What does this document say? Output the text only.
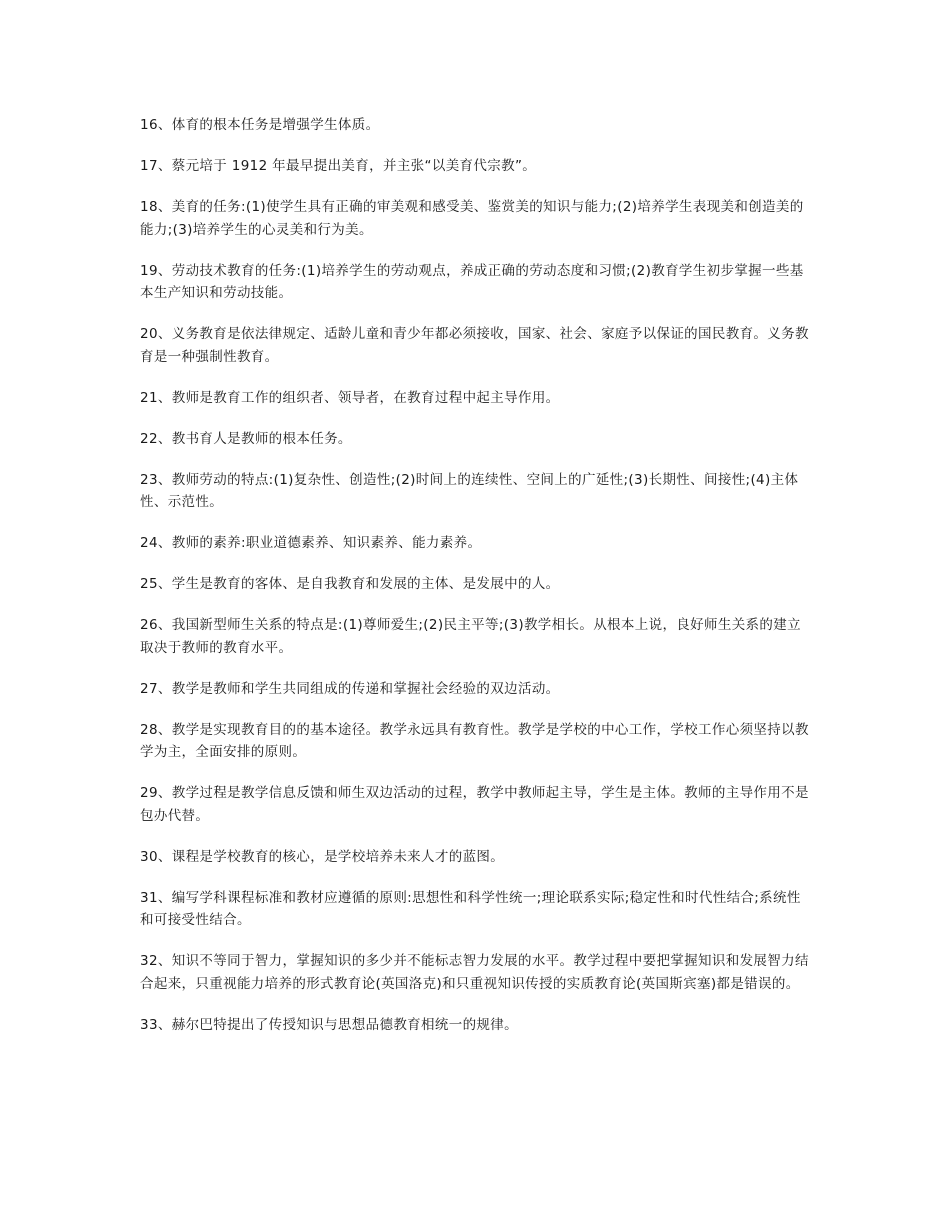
16、体育的根本任务是增强学生体质。

17、蔡元培于 1912 年最早提出美育，并主张“以美育代宗教”。

18、美育的任务:(1)使学生具有正确的审美观和感受美、鉴赏美的知识与能力;(2)培养学生表现美和创造美的能力;(3)培养学生的心灵美和行为美。

19、劳动技术教育的任务:(1)培养学生的劳动观点，养成正确的劳动态度和习惯;(2)教育学生初步掌握一些基本生产知识和劳动技能。

20、义务教育是依法律规定、适龄儿童和青少年都必须接收，国家、社会、家庭予以保证的国民教育。义务教育是一种强制性教育。

21、教师是教育工作的组织者、领导者，在教育过程中起主导作用。

22、教书育人是教师的根本任务。

23、教师劳动的特点:(1)复杂性、创造性;(2)时间上的连续性、空间上的广延性;(3)长期性、间接性;(4)主体性、示范性。

24、教师的素养:职业道德素养、知识素养、能力素养。

25、学生是教育的客体、是自我教育和发展的主体、是发展中的人。

26、我国新型师生关系的特点是:(1)尊师爱生;(2)民主平等;(3)教学相长。从根本上说，良好师生关系的建立取决于教师的教育水平。

27、教学是教师和学生共同组成的传递和掌握社会经验的双边活动。

28、教学是实现教育目的的基本途径。教学永远具有教育性。教学是学校的中心工作，学校工作心须坚持以教学为主，全面安排的原则。

29、教学过程是教学信息反馈和师生双边活动的过程，教学中教师起主导，学生是主体。教师的主导作用不是包办代替。

30、课程是学校教育的核心，是学校培养未来人才的蓝图。

31、编写学科课程标准和教材应遵循的原则:思想性和科学性统一;理论联系实际;稳定性和时代性结合;系统性和可接受性结合。

32、知识不等同于智力，掌握知识的多少并不能标志智力发展的水平。教学过程中要把掌握知识和发展智力结合起来，只重视能力培养的形式教育论(英国洛克)和只重视知识传授的实质教育论(英国斯宾塞)都是错误的。

33、赫尔巴特提出了传授知识与思想品德教育相统一的规律。
